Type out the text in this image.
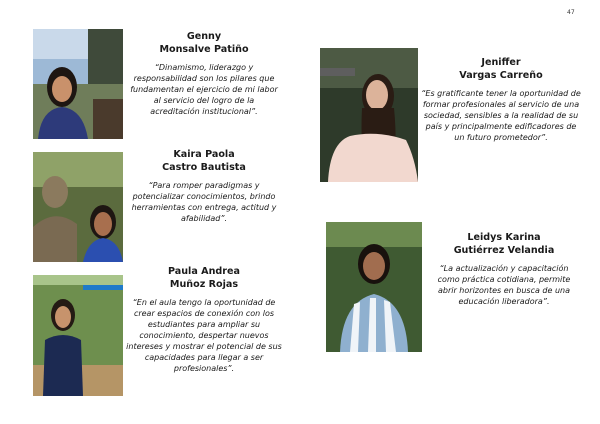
47

Genny
Monsalve Patiño

“Dinamismo, liderazgo y responsabilidad son los pilares que fundamentan el ejercicio de mi labor al servicio del logro de la acreditación institucional”.

Kaira Paola
Castro Bautista

“Para romper paradigmas y potencializar conocimientos, brindo herramientas con entrega, actitud y afabilidad”.

Paula Andrea
Muñoz Rojas

“En el aula tengo la oportunidad de crear espacios de conexión con los estudiantes para ampliar su conocimiento, despertar nuevos intereses y mostrar el potencial de sus capacidades para llegar a ser profesionales”.

Jeniffer
Vargas Carreño

“Es gratificante tener la oportunidad de formar profesionales al servicio de una sociedad, sensibles a la realidad de su país y principalmente edificadores de un futuro prometedor”.

Leidys Karina
Gutiérrez Velandia

“La actualización y capacitación como práctica cotidiana, permite abrir horizontes en busca de una educación liberadora”.
